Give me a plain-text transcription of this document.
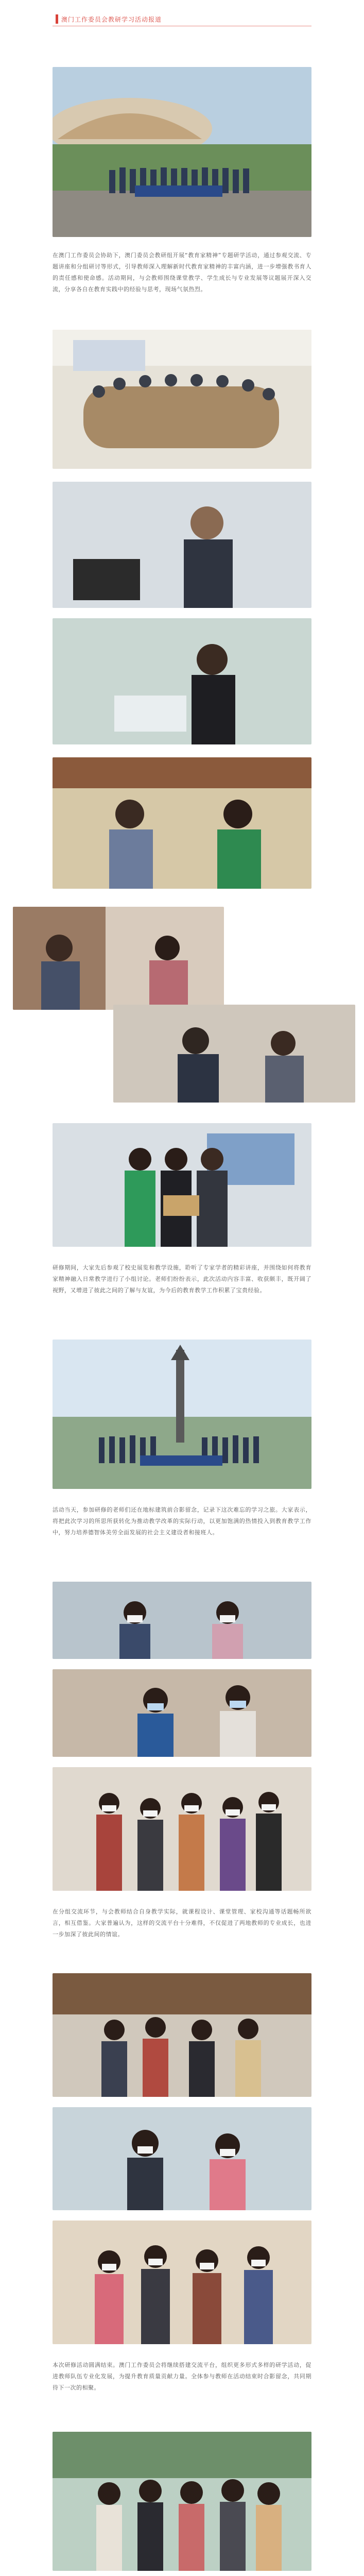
澳门工作委员会教研学习活动报道
在澳门工作委员会协助下，澳门委员会教研组开展“教育家精神”专题研学活动，通过参观交流、专题讲座和分组研讨等形式，引导教师深入理解新时代教育家精神的丰富内涵，进一步增强教书育人的责任感和使命感。活动期间，与会教师围绕课堂教学、学生成长与专业发展等议题展开深入交流，分享各自在教育实践中的经验与思考，现场气氛热烈。
研修期间，大家先后参观了校史展览和教学设施，聆听了专家学者的精彩讲座，并围绕如何将教育家精神融入日常教学进行了小组讨论。老师们纷纷表示，此次活动内容丰富、收获颇丰，既开阔了视野，又增进了彼此之间的了解与友谊，为今后的教育教学工作积累了宝贵经验。
活动当天，参加研修的老师们还在地标建筑前合影留念，记录下这次难忘的学习之旅。大家表示，将把此次学习的所思所获转化为推动教学改革的实际行动，以更加饱满的热情投入到教育教学工作中，努力培养德智体美劳全面发展的社会主义建设者和接班人。
在分组交流环节，与会教师结合自身教学实际，就课程设计、课堂管理、家校沟通等话题畅所欲言，相互借鉴。大家普遍认为，这样的交流平台十分难得，不仅促进了两地教师的专业成长，也进一步加深了彼此间的情谊。
本次研修活动圆满结束。澳门工作委员会将继续搭建交流平台，组织更多形式多样的研学活动，促进教师队伍专业化发展，为提升教育质量贡献力量。全体参与教师在活动结束时合影留念，共同期待下一次的相聚。
